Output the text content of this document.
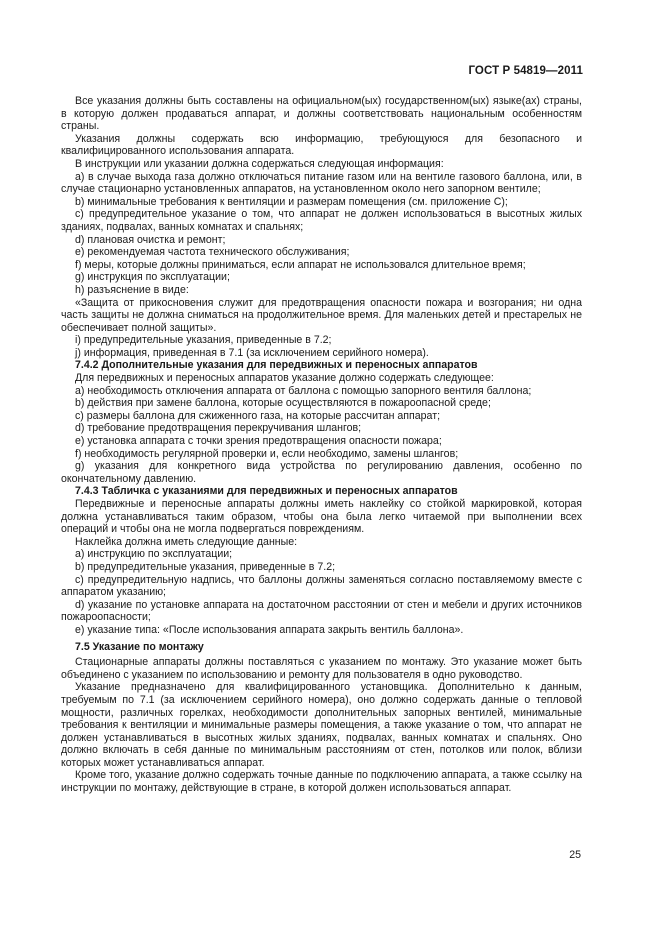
ГОСТ Р 54819—2011

Все указания должны быть составлены на официальном(ых) государственном(ых) языке(ах) страны, в которую должен продаваться аппарат, и должны соответствовать национальным особенностям страны.

Указания должны содержать всю информацию, требующуюся для безопасного и квалифицированного использования аппарата.

В инструкции или указании должна содержаться следующая информация:

a) в случае выхода газа должно отключаться питание газом или на вентиле газового баллона, или, в случае стационарно установленных аппаратов, на установленном около него запорном вентиле;

b) минимальные требования к вентиляции и размерам помещения (см. приложение С);

c) предупредительное указание о том, что аппарат не должен использоваться в высотных жилых зданиях, подвалах, ванных комнатах и спальнях;

d) плановая очистка и ремонт;

e) рекомендуемая частота технического обслуживания;

f) меры, которые должны приниматься, если аппарат не использовался длительное время;

g) инструкция по эксплуатации;

h) разъяснение в виде:

«Защита от прикосновения служит для предотвращения опасности пожара и возгорания; ни одна часть защиты не должна сниматься на продолжительное время. Для маленьких детей и престарелых не обеспечивает полной защиты».

i) предупредительные указания, приведенные в 7.2;

j) информация, приведенная в 7.1 (за исключением серийного номера).

7.4.2 Дополнительные указания для передвижных и переносных аппаратов

Для передвижных и переносных аппаратов указание должно содержать следующее:

a) необходимость отключения аппарата от баллона с помощью запорного вентиля баллона;

b) действия при замене баллона, которые осуществляются в пожароопасной среде;

c) размеры баллона для сжиженного газа, на которые рассчитан аппарат;

d) требование предотвращения перекручивания шлангов;

e) установка аппарата с точки зрения предотвращения опасности пожара;

f) необходимость регулярной проверки и, если необходимо, замены шлангов;

g) указания для конкретного вида устройства по регулированию давления, особенно по окончательному давлению.

7.4.3 Табличка с указаниями для передвижных и переносных аппаратов

Передвижные и переносные аппараты должны иметь наклейку со стойкой маркировкой, которая должна устанавливаться таким образом, чтобы она была легко читаемой при выполнении всех операций и чтобы она не могла подвергаться повреждениям.

Наклейка должна иметь следующие данные:

a) инструкцию по эксплуатации;

b) предупредительные указания, приведенные в 7.2;

c) предупредительную надпись, что баллоны должны заменяться согласно поставляемому вместе с аппаратом указанию;

d) указание по установке аппарата на достаточном расстоянии от стен и мебели и других источников пожароопасности;

e) указание типа: «После использования аппарата закрыть вентиль баллона».

7.5 Указание по монтажу

Стационарные аппараты должны поставляться с указанием по монтажу. Это указание может быть объединено с указанием по использованию и ремонту для пользователя в одно руководство.

Указание предназначено для квалифицированного установщика. Дополнительно к данным, требуемым по 7.1 (за исключением серийного номера), оно должно содержать данные о тепловой мощности, различных горелках, необходимости дополнительных запорных вентилей, минимальные требования к вентиляции и минимальные размеры помещения, а также указание о том, что аппарат не должен устанавливаться в высотных жилых зданиях, подвалах, ванных комнатах и спальнях. Оно должно включать в себя данные по минимальным расстояниям от стен, потолков или полок, вблизи которых может устанавливаться аппарат.

Кроме того, указание должно содержать точные данные по подключению аппарата, а также ссылку на инструкции по монтажу, действующие в стране, в которой должен использоваться аппарат.

25
